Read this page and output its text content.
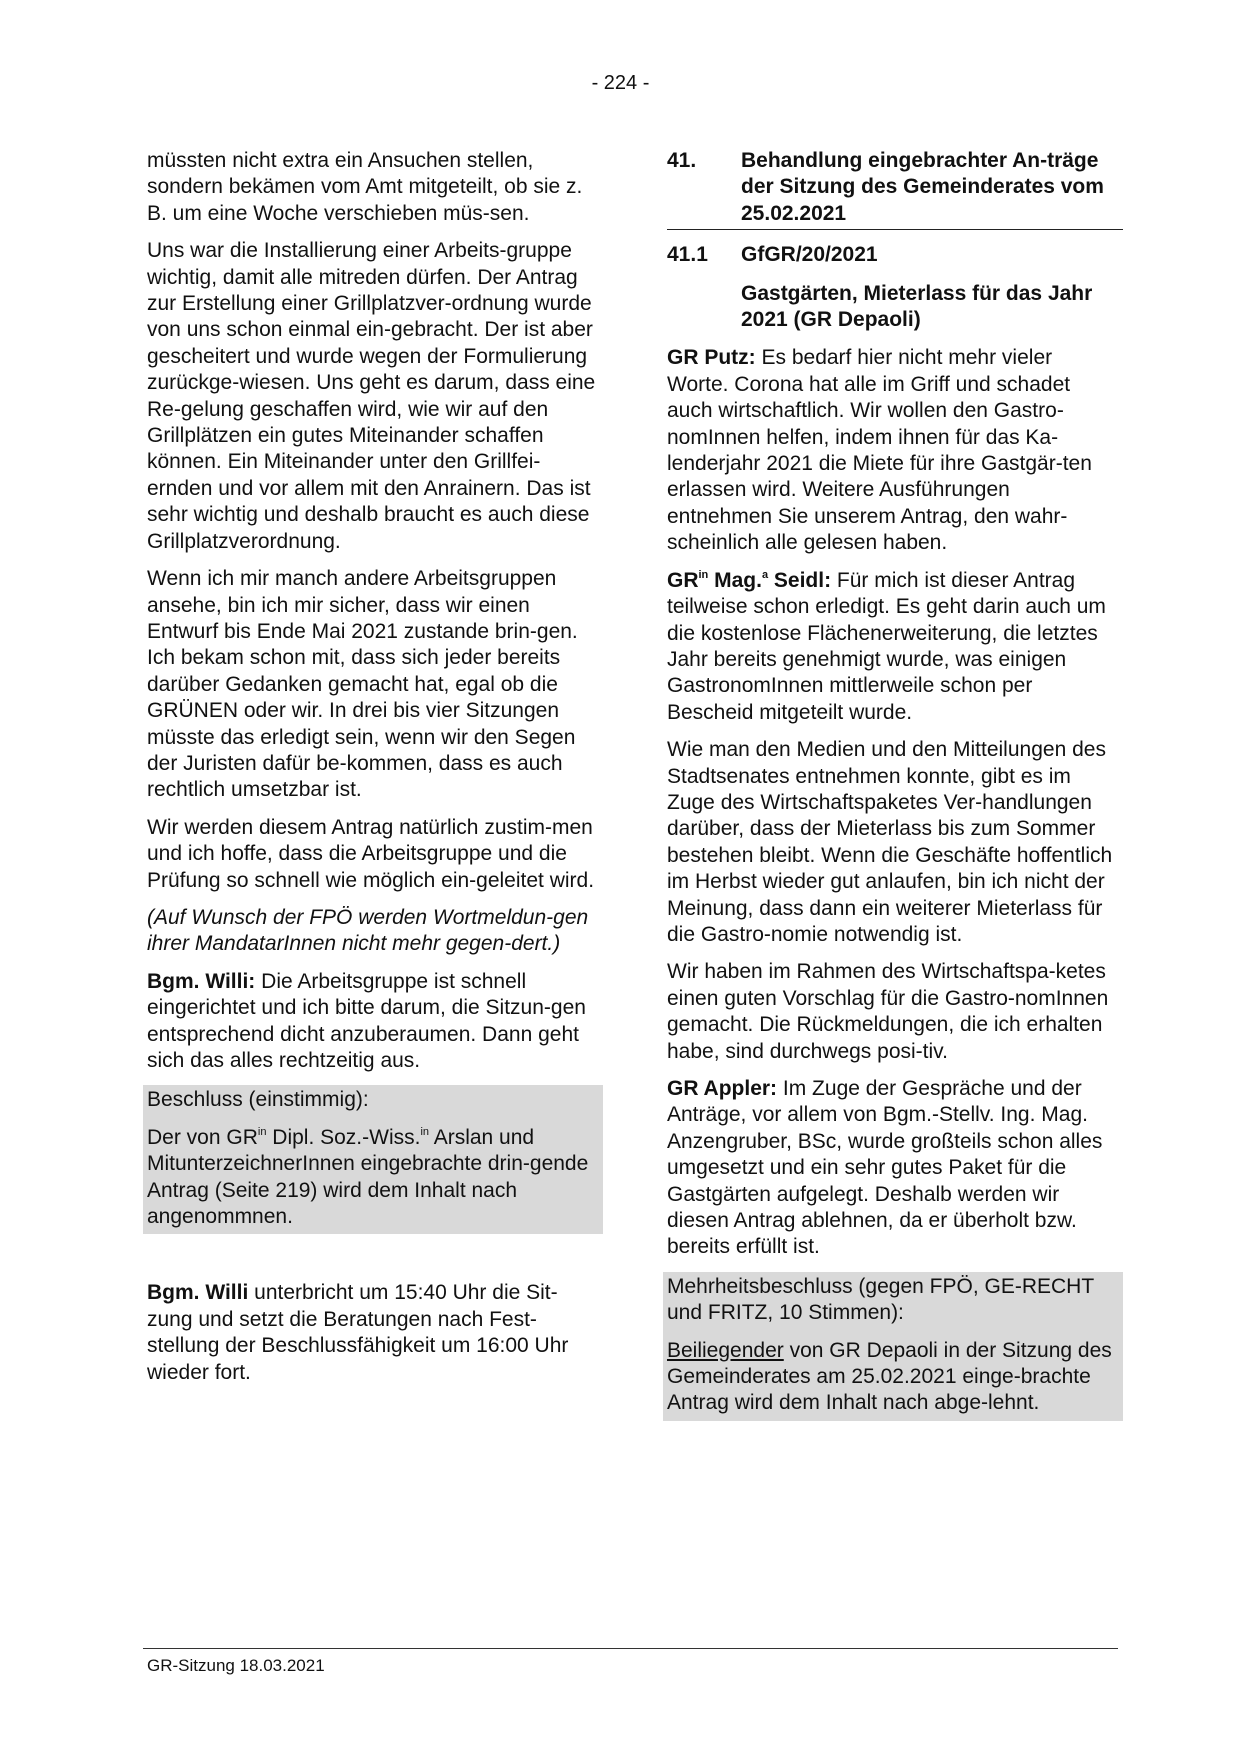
- 224 -

müssten nicht extra ein Ansuchen stellen, sondern bekämen vom Amt mitgeteilt, ob sie z. B. um eine Woche verschieben müs-sen.

Uns war die Installierung einer Arbeits-gruppe wichtig, damit alle mitreden dürfen. Der Antrag zur Erstellung einer Grillplatzver-ordnung wurde von uns schon einmal ein-gebracht. Der ist aber gescheitert und wurde wegen der Formulierung zurückge-wiesen. Uns geht es darum, dass eine Re-gelung geschaffen wird, wie wir auf den Grillplätzen ein gutes Miteinander schaffen können. Ein Miteinander unter den Grillfei-ernden und vor allem mit den Anrainern. Das ist sehr wichtig und deshalb braucht es auch diese Grillplatzverordnung.

Wenn ich mir manch andere Arbeitsgruppen ansehe, bin ich mir sicher, dass wir einen Entwurf bis Ende Mai 2021 zustande brin-gen. Ich bekam schon mit, dass sich jeder bereits darüber Gedanken gemacht hat, egal ob die GRÜNEN oder wir. In drei bis vier Sitzungen müsste das erledigt sein, wenn wir den Segen der Juristen dafür be-kommen, dass es auch rechtlich umsetzbar ist.

Wir werden diesem Antrag natürlich zustim-men und ich hoffe, dass die Arbeitsgruppe und die Prüfung so schnell wie möglich ein-geleitet wird.

(Auf Wunsch der FPÖ werden Wortmeldun-gen ihrer MandatarInnen nicht mehr gegen-dert.)

Bgm. Willi: Die Arbeitsgruppe ist schnell eingerichtet und ich bitte darum, die Sitzun-gen entsprechend dicht anzuberaumen. Dann geht sich das alles rechtzeitig aus.

Beschluss (einstimmig):

Der von $GR^{in}$ Dipl. Soz.-Wiss.$^{in}$ Arslan und MitunterzeichnerInnen eingebrachte drin-gende Antrag (Seite 219) wird dem Inhalt nach angenommnen.

Bgm. Willi unterbricht um 15:40 Uhr die Sit-zung und setzt die Beratungen nach Fest-stellung der Beschlussfähigkeit um 16:00 Uhr wieder fort.

41.	Behandlung eingebrachter An-träge der Sitzung des Gemeinderates vom 25.02.2021
41.1	GfGR/20/2021
Gastgärten, Mieterlass für das Jahr 2021 (GR Depaoli)

GR Putz: Es bedarf hier nicht mehr vieler Worte. Corona hat alle im Griff und schadet auch wirtschaftlich. Wir wollen den Gastro-nomInnen helfen, indem ihnen für das Ka-lenderjahr 2021 die Miete für ihre Gastgär-ten erlassen wird. Weitere Ausführungen entnehmen Sie unserem Antrag, den wahr-scheinlich alle gelesen haben.

$GR^{in}$ Mag.$^a$ Seidl: Für mich ist dieser Antrag teilweise schon erledigt. Es geht darin auch um die kostenlose Flächenerweiterung, die letztes Jahr bereits genehmigt wurde, was einigen GastronomInnen mittlerweile schon per Bescheid mitgeteilt wurde.

Wie man den Medien und den Mitteilungen des Stadtsenates entnehmen konnte, gibt es im Zuge des Wirtschaftspaketes Ver-handlungen darüber, dass der Mieterlass bis zum Sommer bestehen bleibt. Wenn die Geschäfte hoffentlich im Herbst wieder gut anlaufen, bin ich nicht der Meinung, dass dann ein weiterer Mieterlass für die Gastro-nomie notwendig ist.

Wir haben im Rahmen des Wirtschaftspa-ketes einen guten Vorschlag für die Gastro-nomInnen gemacht. Die Rückmeldungen, die ich erhalten habe, sind durchwegs posi-tiv.

GR Appler: Im Zuge der Gespräche und der Anträge, vor allem von Bgm.-Stellv. Ing. Mag. Anzengruber, BSc, wurde großteils schon alles umgesetzt und ein sehr gutes Paket für die Gastgärten aufgelegt. Deshalb werden wir diesen Antrag ablehnen, da er überholt bzw. bereits erfüllt ist.

Mehrheitsbeschluss (gegen FPÖ, GE-RECHT und FRITZ, 10 Stimmen):

Beiliegender von GR Depaoli in der Sitzung des Gemeinderates am 25.02.2021 einge-brachte Antrag wird dem Inhalt nach abge-lehnt.

GR-Sitzung 18.03.2021
